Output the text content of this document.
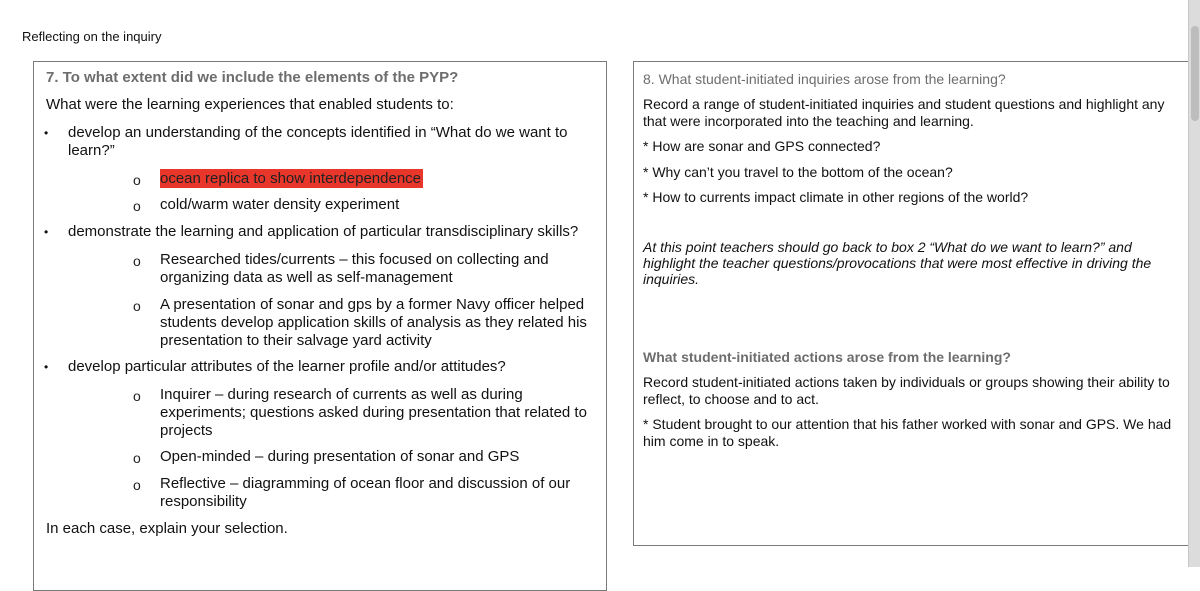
Reflecting on the inquiry
7. To what extent did we include the elements of the PYP?
What were the learning experiences that enabled students to:
• develop an understanding of the concepts identified in “What do we want to
learn?”
o ocean replica to show interdependence
o cold/warm water density experiment
• demonstrate the learning and application of particular transdisciplinary skills?
o Researched tides/currents – this focused on collecting and
organizing data as well as self-management
o A presentation of sonar and gps by a former Navy officer helped
students develop application skills of analysis as they related his
presentation to their salvage yard activity
• develop particular attributes of the learner profile and/or attitudes?
o Inquirer – during research of currents as well as during
experiments; questions asked during presentation that related to
projects
o Open-minded – during presentation of sonar and GPS
o Reflective – diagramming of ocean floor and discussion of our
responsibility
In each case, explain your selection.
8. What student-initiated inquiries arose from the learning?
Record a range of student-initiated inquiries and student questions and highlight any
that were incorporated into the teaching and learning.
* How are sonar and GPS connected?
* Why can’t you travel to the bottom of the ocean?
* How to currents impact climate in other regions of the world?
At this point teachers should go back to box 2 “What do we want to learn?” and
highlight the teacher questions/provocations that were most effective in driving the
inquiries.
What student-initiated actions arose from the learning?
Record student-initiated actions taken by individuals or groups showing their ability to
reflect, to choose and to act.
* Student brought to our attention that his father worked with sonar and GPS. We had
him come in to speak.
